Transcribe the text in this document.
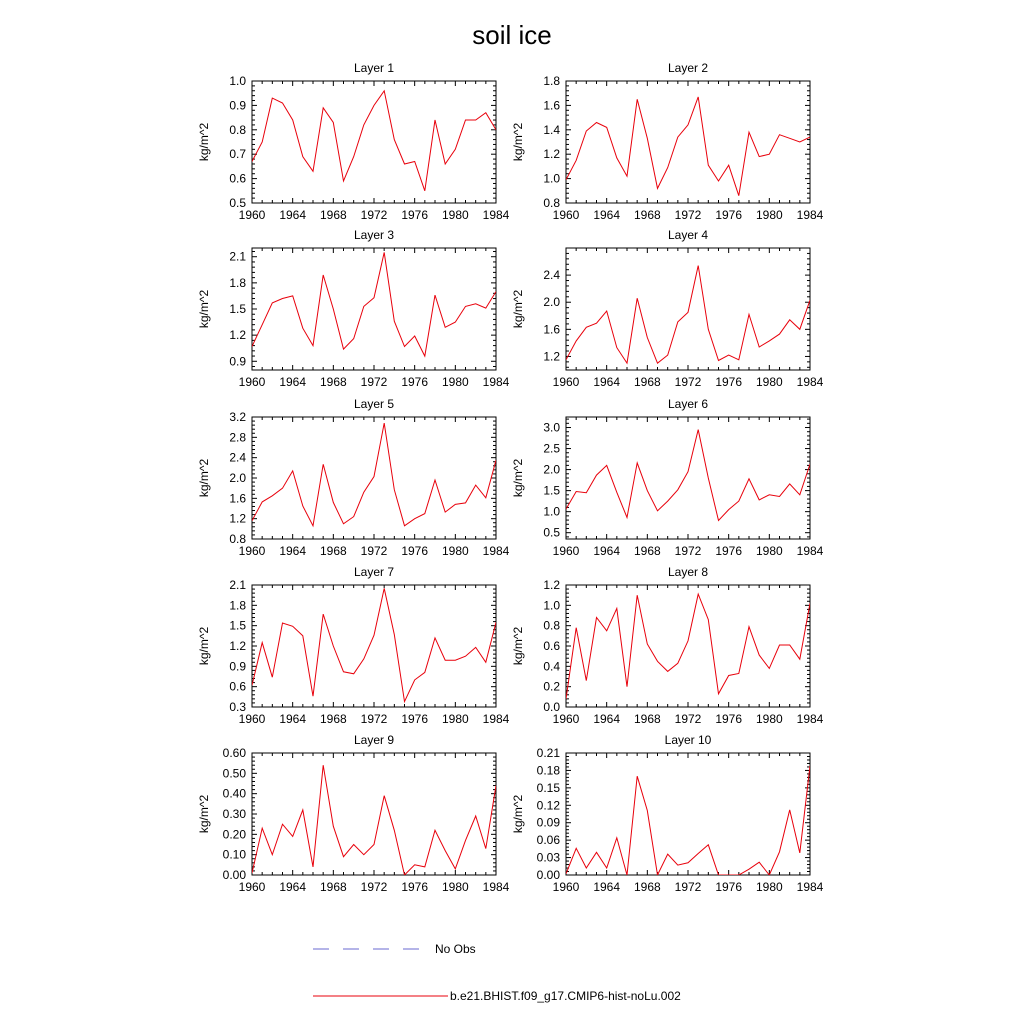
soil ice
Layer 1
1960 1964 1968 1972 1976 1980 1984
0.5
0.6
0.7
0.8
0.9
1.0
kg/m^2
Layer 2
1960 1964 1968 1972 1976 1980 1984
0.8
1.0
1.2
1.4
1.6
1.8
kg/m^2
Layer 3
1960 1964 1968 1972 1976 1980 1984
0.9
1.2
1.5
1.8
2.1
kg/m^2
Layer 4
1960 1964 1968 1972 1976 1980 1984
1.2
1.6
2.0
2.4
kg/m^2
Layer 5
1960 1964 1968 1972 1976 1980 1984
0.8
1.2
1.6
2.0
2.4
2.8
3.2
kg/m^2
Layer 6
1960 1964 1968 1972 1976 1980 1984
0.5
1.0
1.5
2.0
2.5
3.0
kg/m^2
Layer 7
1960 1964 1968 1972 1976 1980 1984
0.3
0.6
0.9
1.2
1.5
1.8
2.1
kg/m^2
Layer 8
1960 1964 1968 1972 1976 1980 1984
0.0
0.2
0.4
0.6
0.8
1.0
1.2
kg/m^2
Layer 9
1960 1964 1968 1972 1976 1980 1984
0.00
0.10
0.20
0.30
0.40
0.50
0.60
kg/m^2
Layer 10
1960 1964 1968 1972 1976 1980 1984
0.00
0.03
0.06
0.09
0.12
0.15
0.18
0.21
kg/m^2
No Obs
b.e21.BHIST.f09_g17.CMIP6-hist-noLu.002
